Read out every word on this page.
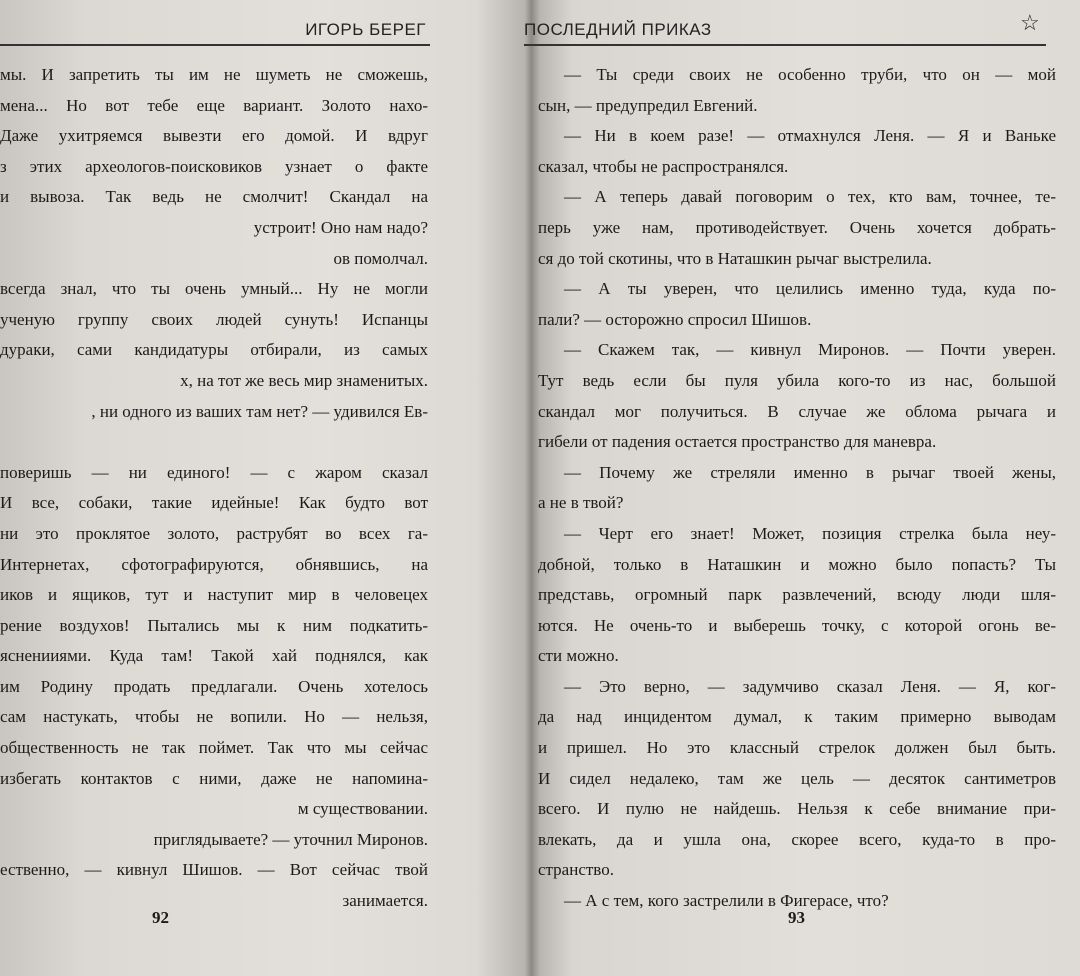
ИГОРЬ БЕРЕГ
мы. И запретить ты им не шуметь не сможешь,
мена... Но вот тебе еще вариант. Золото нахо-
Даже ухитряемся вывезти его домой. И вдруг
з этих археологов-поисковиков узнает о факте
и вывоза. Так ведь не смолчит! Скандал на
устроит! Оно нам надо?
ов помолчал.
всегда знал, что ты очень умный... Ну не могли
ученую группу своих людей сунуть! Испанцы
дураки, сами кандидатуры отбирали, из самых
х, на тот же весь мир знаменитых.
, ни одного из ваших там нет? — удивился Ев-
поверишь — ни единого! — с жаром сказал
И все, собаки, такие идейные! Как будто вот
ни это проклятое золото, раструбят во всех га-
Интернетах, сфотографируются, обнявшись, на
иков и ящиков, тут и наступит мир в человецех
рение воздухов! Пытались мы к ним подкатить-
ясненииями. Куда там! Такой хай поднялся, как
им Родину продать предлагали. Очень хотелось
сам настукать, чтобы не вопили. Но — нельзя,
общественность не так поймет. Так что мы сейчас
избегать контактов с ними, даже не напомина-
м существовании.
приглядываете? — уточнил Миронов.
ественно, — кивнул Шишов. — Вот сейчас твой
занимается.
92
ПОСЛЕДНИЙ ПРИКАЗ	☆
— Ты среди своих не особенно труби, что он — мой
сын, — предупредил Евгений.
— Ни в коем разе! — отмахнулся Леня. — Я и Ваньке
сказал, чтобы не распространялся.
— А теперь давай поговорим о тех, кто вам, точнее, те-
перь уже нам, противодействует. Очень хочется добрать-
ся до той скотины, что в Наташкин рычаг выстрелила.
— А ты уверен, что целились именно туда, куда по-
пали? — осторожно спросил Шишов.
— Скажем так, — кивнул Миронов. — Почти уверен.
Тут ведь если бы пуля убила кого-то из нас, большой
скандал мог получиться. В случае же облома рычага и
гибели от падения остается пространство для маневра.
— Почему же стреляли именно в рычаг твоей жены,
а не в твой?
— Черт его знает! Может, позиция стрелка была неу-
добной, только в Наташкин и можно было попасть? Ты
представь, огромный парк развлечений, всюду люди шля-
ются. Не очень-то и выберешь точку, с которой огонь ве-
сти можно.
— Это верно, — задумчиво сказал Леня. — Я, ког-
да над инцидентом думал, к таким примерно выводам
и пришел. Но это классный стрелок должен был быть.
И сидел недалеко, там же цель — десяток сантиметров
всего. И пулю не найдешь. Нельзя к себе внимание при-
влекать, да и ушла она, скорее всего, куда-то в про-
странство.
— А с тем, кого застрелили в Фигерасе, что?
93
